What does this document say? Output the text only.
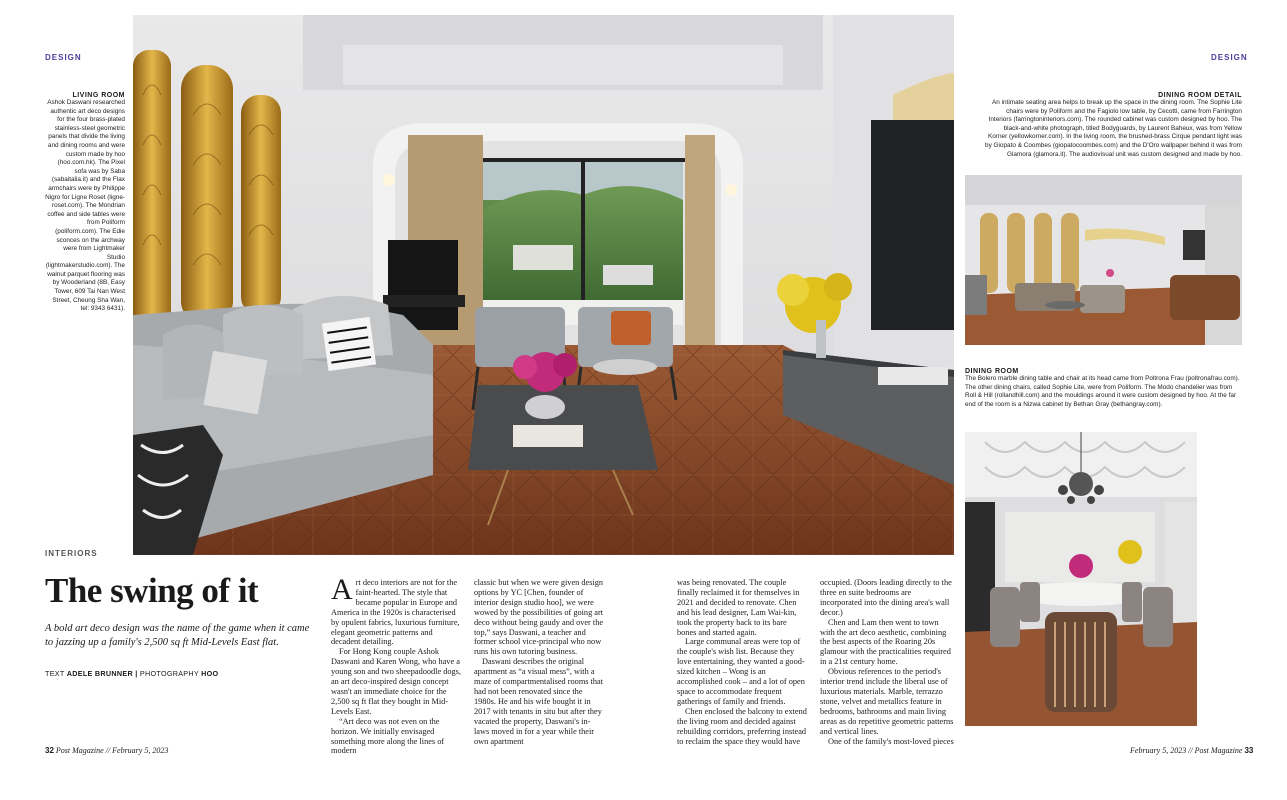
DESIGN	DESIGN
LIVING ROOM
Ashok Daswani researched authentic art deco designs for the four brass-plated stainless-steel geometric panels that divide the living and dining rooms and were custom made by hoo (hoo.com.hk). The Pixel sofa was by Saba (sabaitalia.it) and the Flax armchairs were by Philippe Nigro for Ligne Roset (ligne-roset.com). The Mondrian coffee and side tables were from Poliform (poliform.com). The Edie sconces on the archway were from Lightmaker Studio (lightmakerstudio.com). The walnut parquet flooring was by Wooderland (8B, Easy Tower, 609 Tai Nan West Street, Cheung Sha Wan, tel: 9343 6431).
DINING ROOM DETAIL
An intimate seating area helps to break up the space in the dining room. The Sophie Lite chairs were by Poliform and the Fagiolo low table, by Cecotti, came from Farrington Interiors (farringtoninteriors.com). The rounded cabinet was custom designed by hoo. The black-and-white photograph, titled Bodyguards, by Laurent Baheux, was from Yellow Korner (yellowkorner.com). In the living room, the brushed-brass Cirque pendant light was by Giopato & Coombes (giopatocoombes.com) and the D'Oro wallpaper behind it was from Glamora (glamora.it). The audiovisual unit was custom designed and made by hoo.
DINING ROOM
The Bolero marble dining table and chair at its head came from Poltrona Frau (poltronafrau.com). The other dining chairs, called Sophie Lite, were from Poliform. The Modo chandelier was from Roll & Hill (rollandhill.com) and the mouldings around it were custom designed by hoo. At the far end of the room is a Nizwa cabinet by Bethan Gray (bethangray.com).
INTERIORS
The swing of it
A bold art deco design was the name of the game when it came to jazzing up a family's 2,500 sq ft Mid-Levels East flat.
TEXT ADELE BRUNNER | PHOTOGRAPHY HOO

Art deco interiors are not for the faint-hearted. The style that became popular in Europe and America in the 1920s is characterised by opulent fabrics, luxurious furniture, elegant geometric patterns and decadent detailing.

For Hong Kong couple Ashok Daswani and Karen Wong, who have a young son and two sheepadoodle dogs, an art deco-inspired design concept wasn't an immediate choice for the 2,500 sq ft flat they bought in Mid-Levels East.

“Art deco was not even on the horizon. We initially envisaged something more along the lines of modern

classic but when we were given design options by YC [Chen, founder of interior design studio hoo], we were wowed by the possibilities of going art deco without being gaudy and over the top,” says Daswani, a teacher and former school vice-principal who now runs his own tutoring business.

Daswani describes the original apartment as “a visual mess”, with a maze of compartmentalised rooms that had not been renovated since the 1980s. He and his wife bought it in 2017 with tenants in situ but after they vacated the property, Daswani's in-laws moved in for a year while their own apartment

was being renovated. The couple finally reclaimed it for themselves in 2021 and decided to renovate. Chen and his lead designer, Lam Wai-kin, took the property back to its bare bones and started again.

Large communal areas were top of the couple's wish list. Because they love entertaining, they wanted a good-sized kitchen – Wong is an accomplished cook – and a lot of open space to accommodate frequent gatherings of family and friends.

Chen enclosed the balcony to extend the living room and decided against rebuilding corridors, preferring instead to reclaim the space they would have

occupied. (Doors leading directly to the three en suite bedrooms are incorporated into the dining area's wall decor.)

Chen and Lam then went to town with the art deco aesthetic, combining the best aspects of the Roaring 20s glamour with the practicalities required in a 21st century home.

Obvious references to the period's interior trend include the liberal use of luxurious materials. Marble, terrazzo stone, velvet and metallics feature in bedrooms, bathrooms and main living areas as do repetitive geometric patterns and vertical lines.

One of the family's most-loved pieces

32 Post Magazine // February 5, 2023	February 5, 2023 // Post Magazine 33
